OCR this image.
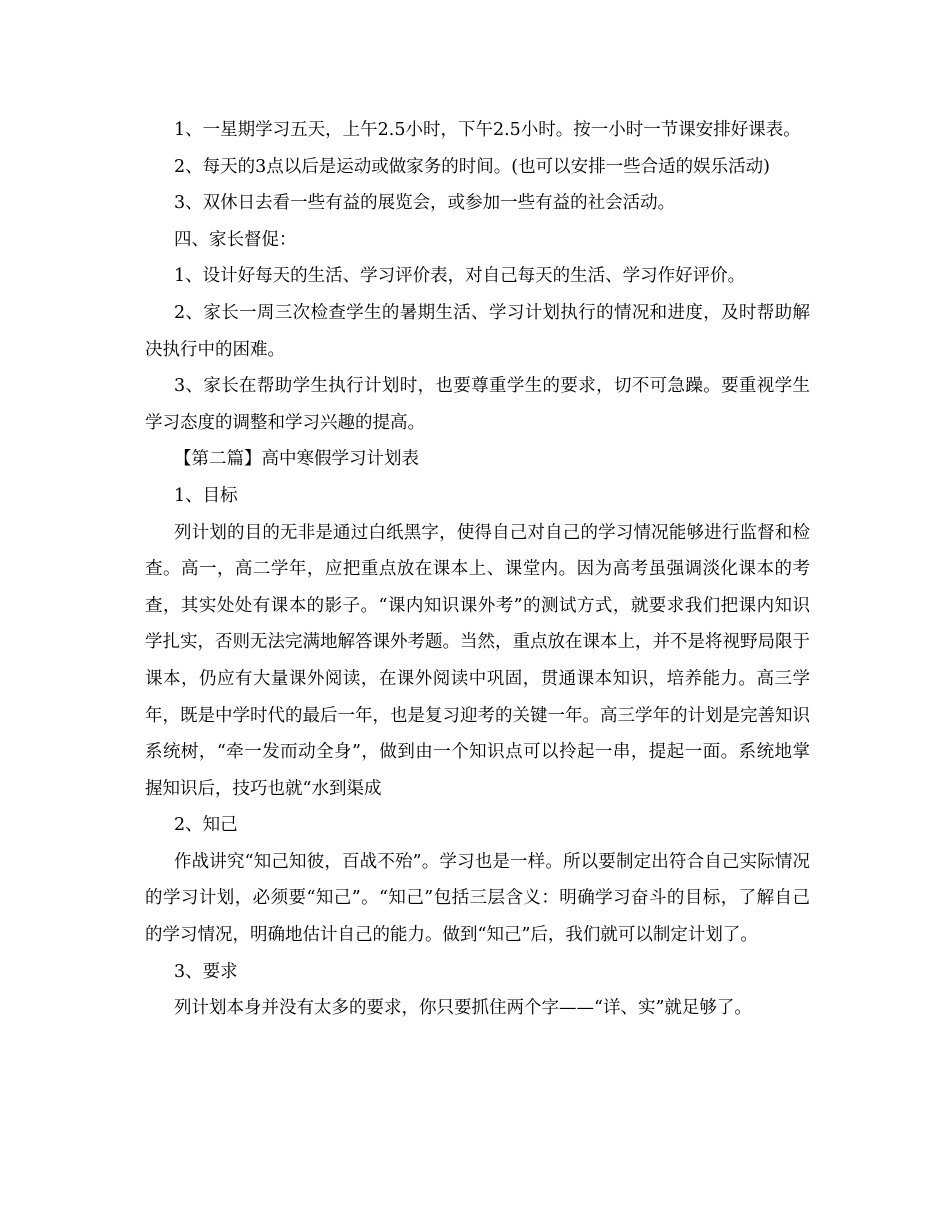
1、一星期学习五天，上午2.5小时，下午2.5小时。按一小时一节课安排好课表。

2、每天的3点以后是运动或做家务的时间。(也可以安排一些合适的娱乐活动)

3、双休日去看一些有益的展览会，或参加一些有益的社会活动。

四、家长督促：

1、设计好每天的生活、学习评价表，对自己每天的生活、学习作好评价。

2、家长一周三次检查学生的暑期生活、学习计划执行的情况和进度，及时帮助解决执行中的困难。

3、家长在帮助学生执行计划时，也要尊重学生的要求，切不可急躁。要重视学生学习态度的调整和学习兴趣的提高。

【第二篇】高中寒假学习计划表

1、目标

列计划的目的无非是通过白纸黑字，使得自己对自己的学习情况能够进行监督和检查。高一，高二学年，应把重点放在课本上、课堂内。因为高考虽强调淡化课本的考查，其实处处有课本的影子。“课内知识课外考”的测试方式，就要求我们把课内知识学扎实，否则无法完满地解答课外考题。当然，重点放在课本上，并不是将视野局限于课本，仍应有大量课外阅读，在课外阅读中巩固，贯通课本知识，培养能力。高三学年，既是中学时代的最后一年，也是复习迎考的关键一年。高三学年的计划是完善知识系统树，“牵一发而动全身”，做到由一个知识点可以拎起一串，提起一面。系统地掌握知识后，技巧也就“水到渠成

2、知己

作战讲究“知己知彼，百战不殆”。学习也是一样。所以要制定出符合自己实际情况的学习计划，必须要“知己”。“知己”包括三层含义：明确学习奋斗的目标，了解自己的学习情况，明确地估计自己的能力。做到“知己”后，我们就可以制定计划了。

3、要求

列计划本身并没有太多的要求，你只要抓住两个字——“详、实”就足够了。
